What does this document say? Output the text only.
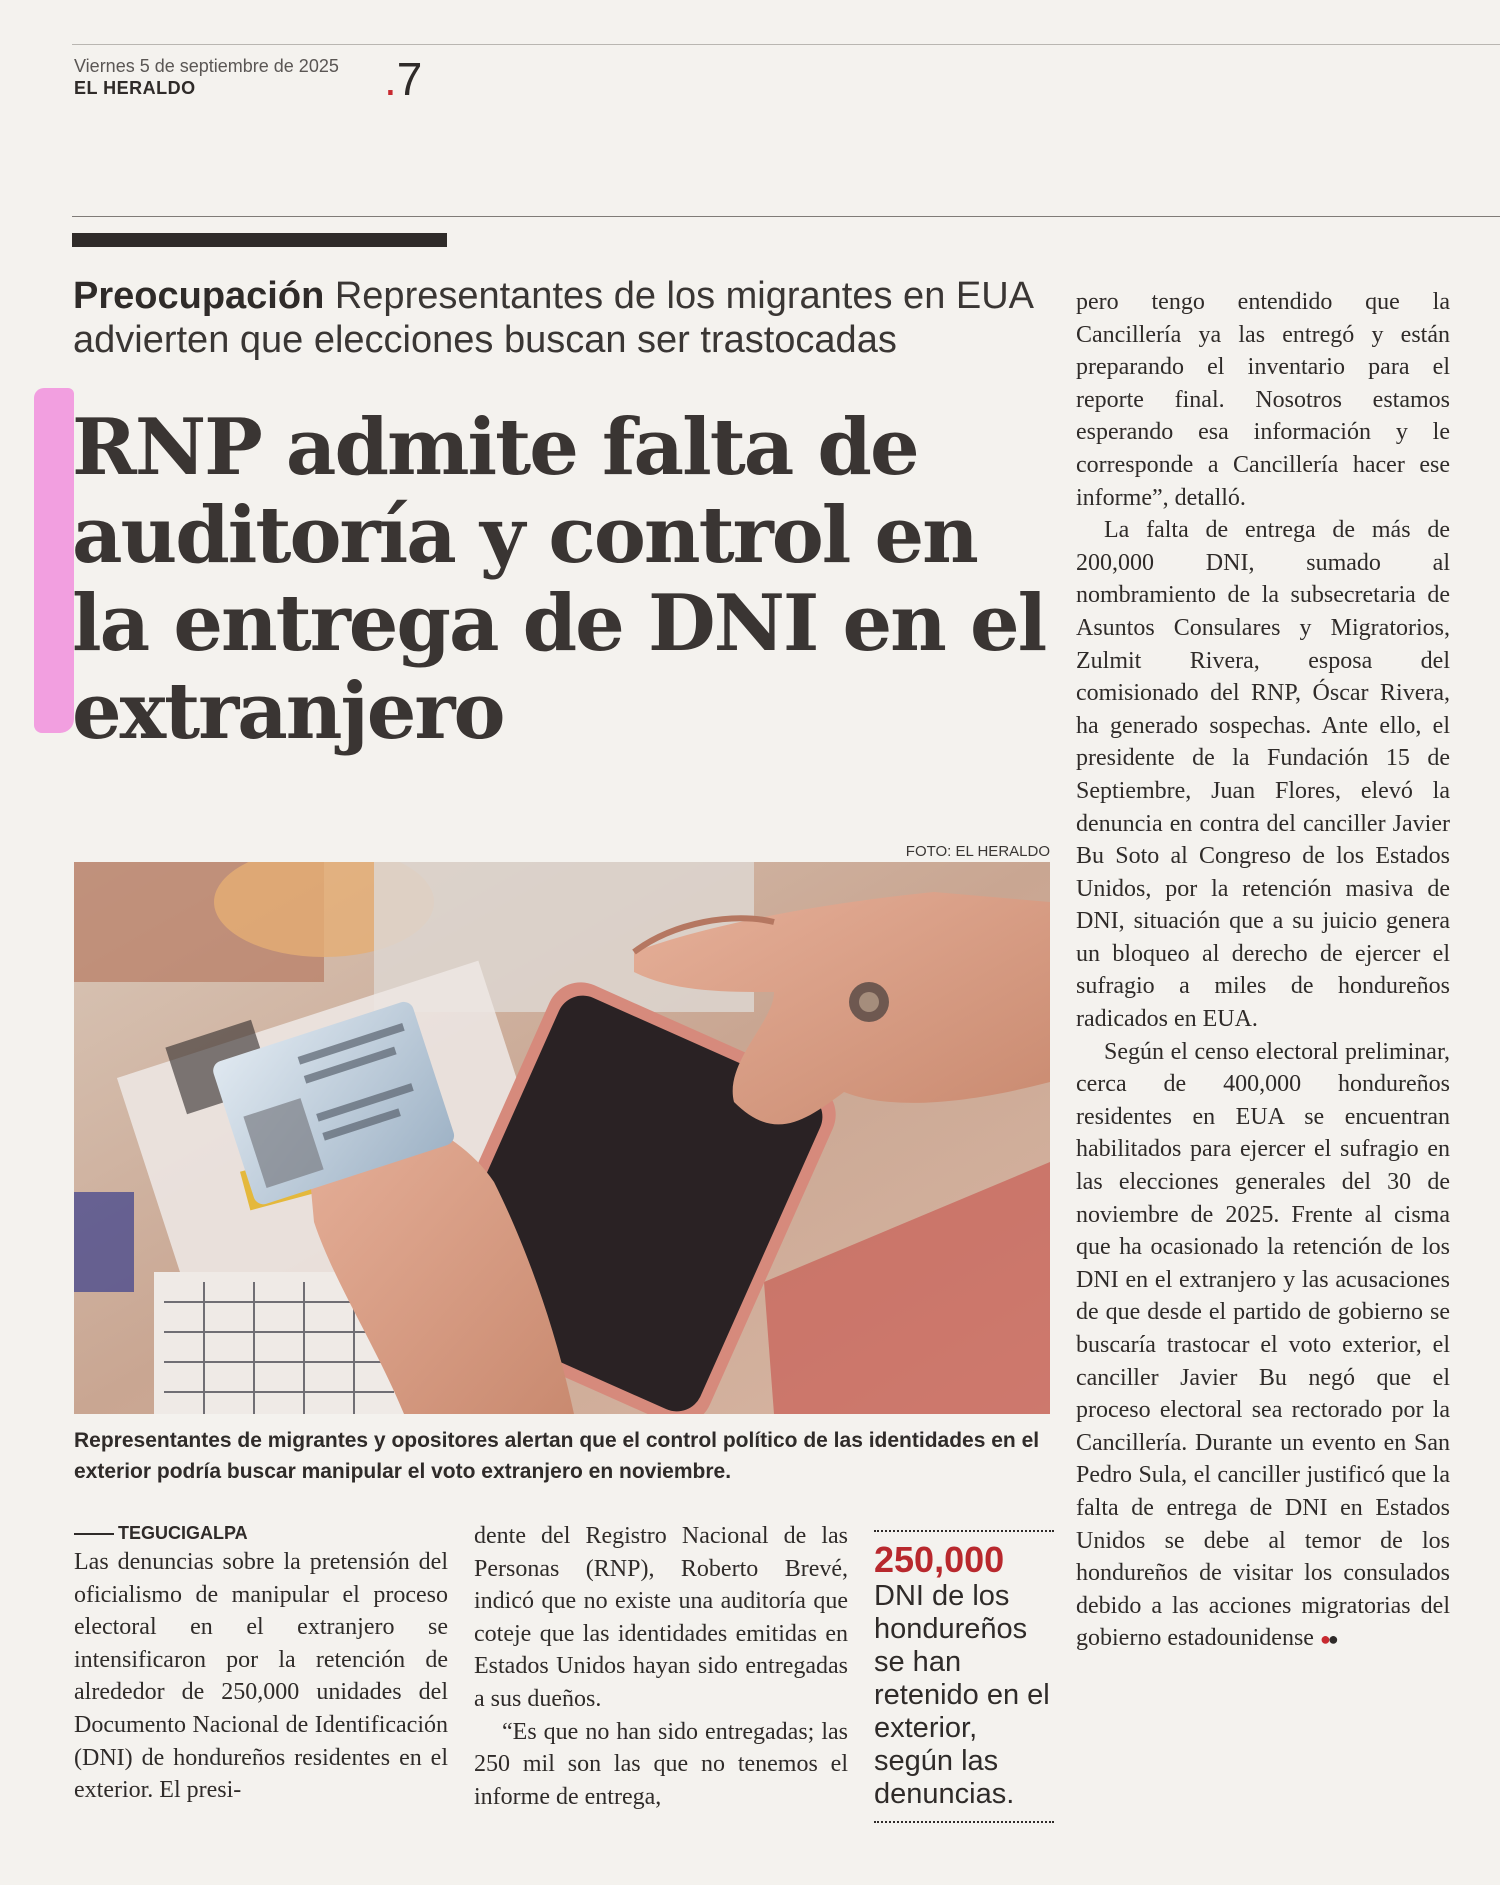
Viernes 5 de septiembre de 2025
EL HERALDO	.7
Preocupación Representantes de los migrantes en EUA advierten que elecciones buscan ser trastocadas
RNP admite falta de auditoría y control en la entrega de DNI en el extranjero
FOTO: EL HERALDO
Representantes de migrantes y opositores alertan que el control político de las identidades en el exterior podría buscar manipular el voto extranjero en noviembre.
TEGUCIGALPA

Las denuncias sobre la pretensión del oficialismo de manipular el proceso electoral en el extranjero se intensificaron por la retención de alrededor de 250,000 unidades del Documento Nacional de Identificación (DNI) de hondureños residentes en el exterior. El presi-

dente del Registro Nacional de las Personas (RNP), Roberto Brevé, indicó que no existe una auditoría que coteje que las identidades emitidas en Estados Unidos hayan sido entregadas a sus dueños.

“Es que no han sido entregadas; las 250 mil son las que no tenemos el informe de entrega,

250,000
DNI de los hondureños se han retenido en el exterior, según las denuncias.

pero tengo entendido que la Cancillería ya las entregó y están preparando el inventario para el reporte final. Nosotros estamos esperando esa información y le corresponde a Cancillería hacer ese informe”, detalló.

La falta de entrega de más de 200,000 DNI, sumado al nombramiento de la subsecretaria de Asuntos Consulares y Migratorios, Zulmit Rivera, esposa del comisionado del RNP, Óscar Rivera, ha generado sospechas. Ante ello, el presidente de la Fundación 15 de Septiembre, Juan Flores, elevó la denuncia en contra del canciller Javier Bu Soto al Congreso de los Estados Unidos, por la retención masiva de DNI, situación que a su juicio genera un bloqueo al derecho de ejercer el sufragio a miles de hondureños radicados en EUA.

Según el censo electoral preliminar, cerca de 400,000 hondureños residentes en EUA se encuentran habilitados para ejercer el sufragio en las elecciones generales del 30 de noviembre de 2025. Frente al cisma que ha ocasionado la retención de los DNI en el extranjero y las acusaciones de que desde el partido de gobierno se buscaría trastocar el voto exterior, el canciller Javier Bu negó que el proceso electoral sea rectorado por la Cancillería. Durante un evento en San Pedro Sula, el canciller justificó que la falta de entrega de DNI en Estados Unidos se debe al temor de los hondureños de visitar los consulados debido a las acciones migratorias del gobierno estadounidense ●●
